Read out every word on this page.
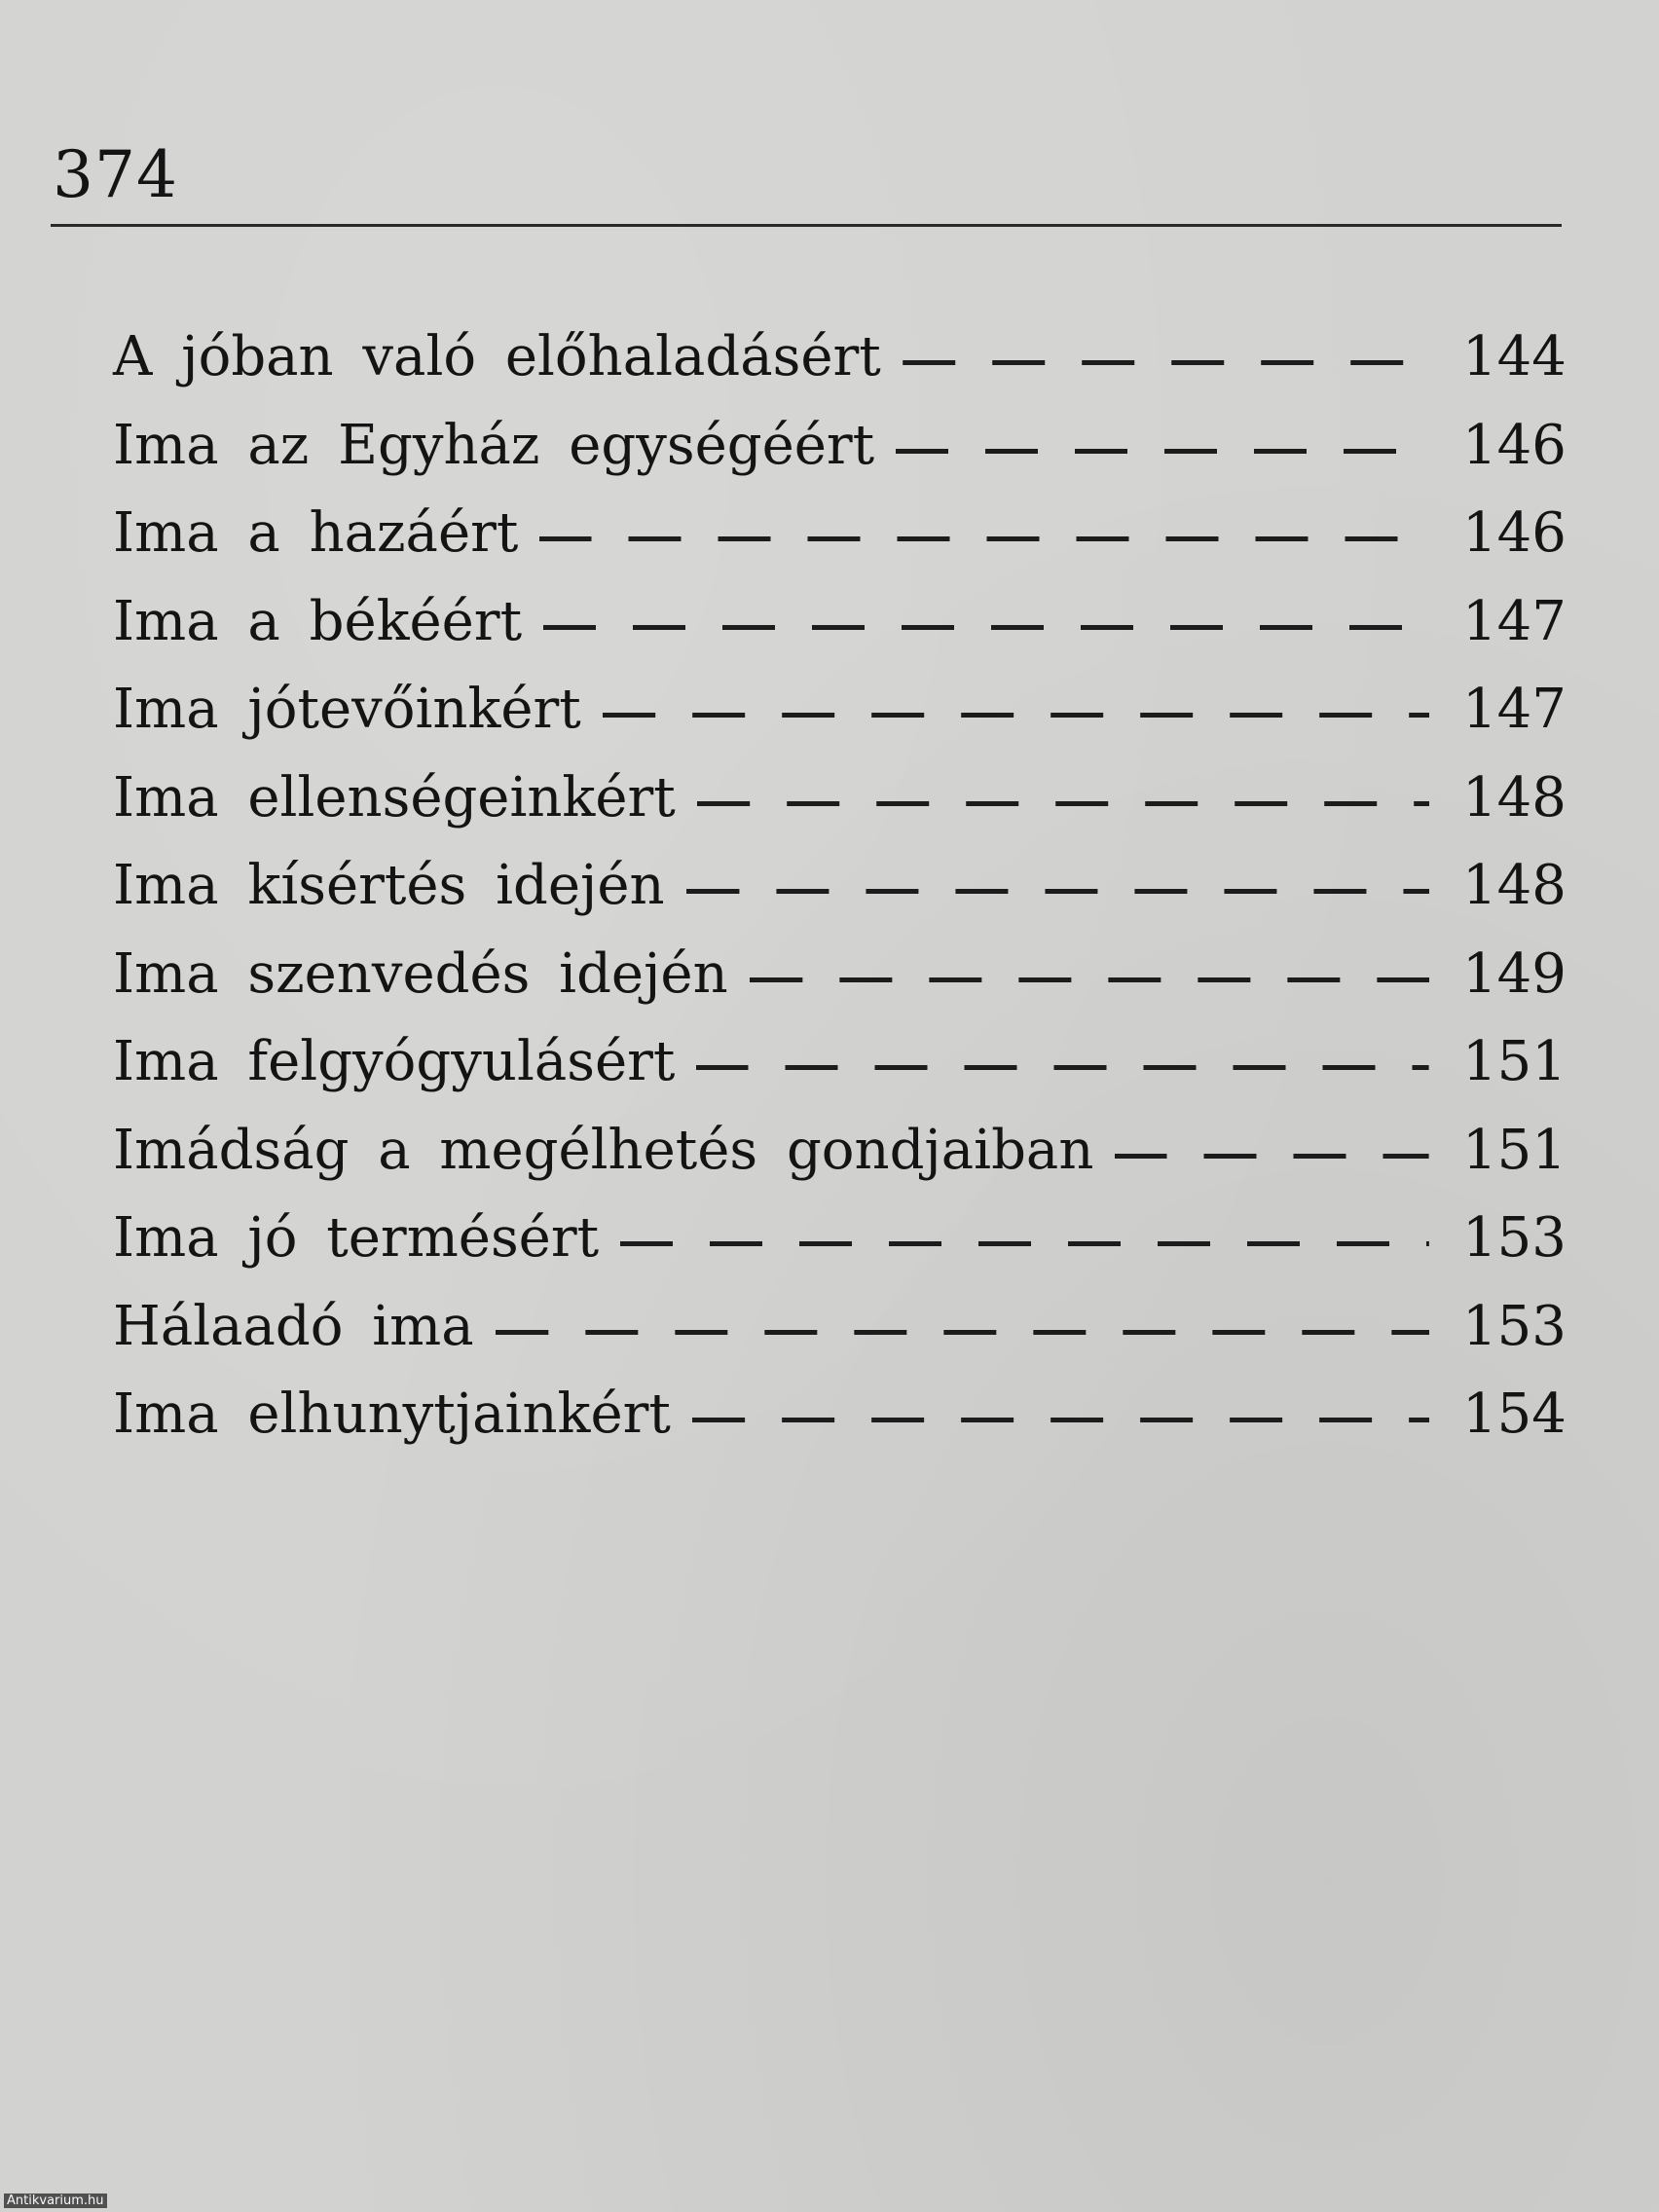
374
A jóban való előhaladásért	144
Ima az Egyház egységéért	146
Ima a hazáért	146
Ima a békéért	147
Ima jótevőinkért	147
Ima ellenségeinkért	148
Ima kísértés idején	148
Ima szenvedés idején	149
Ima felgyógyulásért	151
Imádság a megélhetés gondjaiban	151
Ima jó termésért	153
Hálaadó ima	153
Ima elhunytjainkért	154
Antikvarium.hu
